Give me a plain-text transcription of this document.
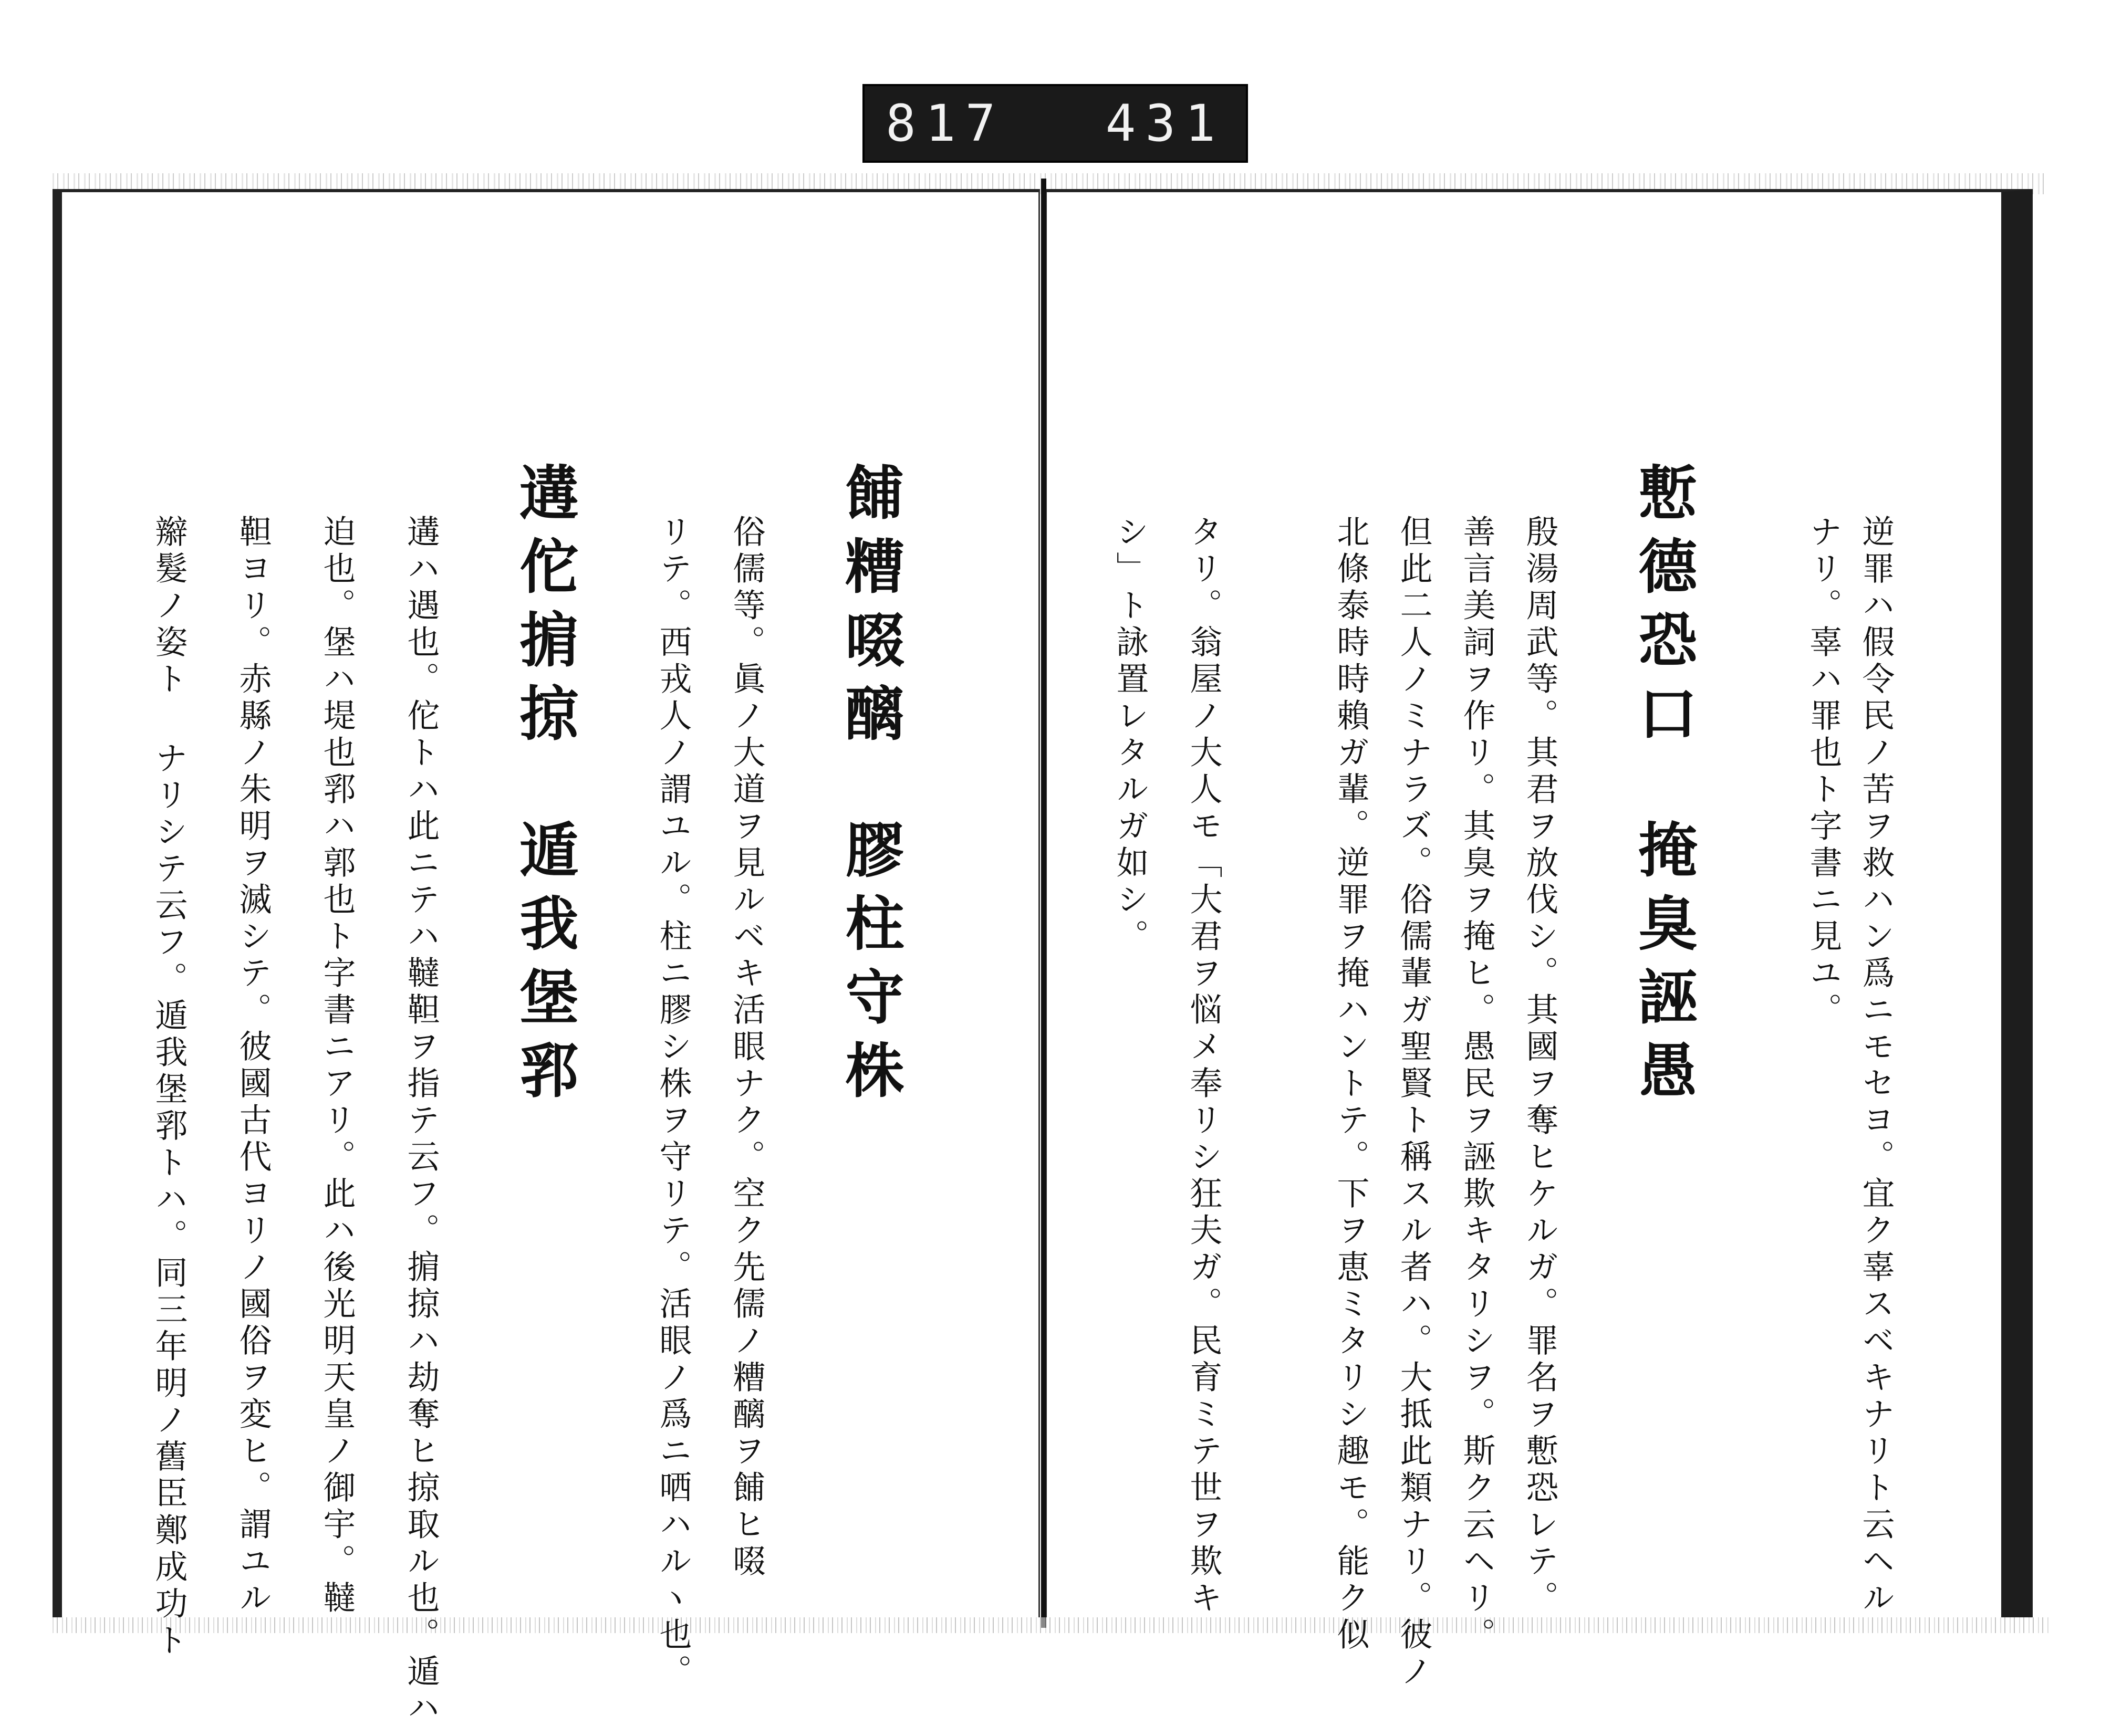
817 431
逆罪ハ假令民ノ苦ヲ救ハン爲ニモセヨ。宜ク辜スベキナリト云ヘル
ナリ。辜ハ罪也ト字書ニ見ユ。
慙德恐口
掩臭誣愚
殷湯周武等。其君ヲ放伐シ。其國ヲ奪ヒケルガ。罪名ヲ慙恐レテ。
善言美詞ヲ作リ。其臭ヲ掩ヒ。愚民ヲ誣欺キタリシヲ。斯ク云ヘリ。
但此二人ノミナラズ。俗儒輩ガ聖賢ト稱スル者ハ。大抵此類ナリ。彼ノ
北條泰時時賴ガ輩。逆罪ヲ掩ハントテ。下ヲ恵ミタリシ趣モ。能ク似
タリ。翁屋ノ大人モ「大君ヲ悩メ奉リシ狂夫ガ。民育ミテ世ヲ欺キ
シ」ト詠置レタルガ如シ。
餔糟啜醨
膠柱守株
俗儒等。眞ノ大道ヲ見ルベキ活眼ナク。空ク先儒ノ糟醨ヲ餔ヒ啜
リテ。西戎人ノ謂ユル。柱ニ膠シ株ヲ守リテ。活眼ノ爲ニ哂ハルヽ也。
遘佗掮掠
遁我堡郛
遘ハ遇也。佗トハ此ニテハ韃靼ヲ指テ云フ。掮掠ハ劫奪ヒ掠取ル也。遁ハ
迫也。堡ハ堤也郛ハ郭也ト字書ニアリ。此ハ後光明天皇ノ御宇。韃
靼ヨリ。赤縣ノ朱明ヲ滅シテ。彼國古代ヨリノ國俗ヲ変ヒ。謂ユル
辮髮ノ姿ト ナリシテ云フ。遁我堡郛トハ。同三年明ノ舊臣鄭成功ト
